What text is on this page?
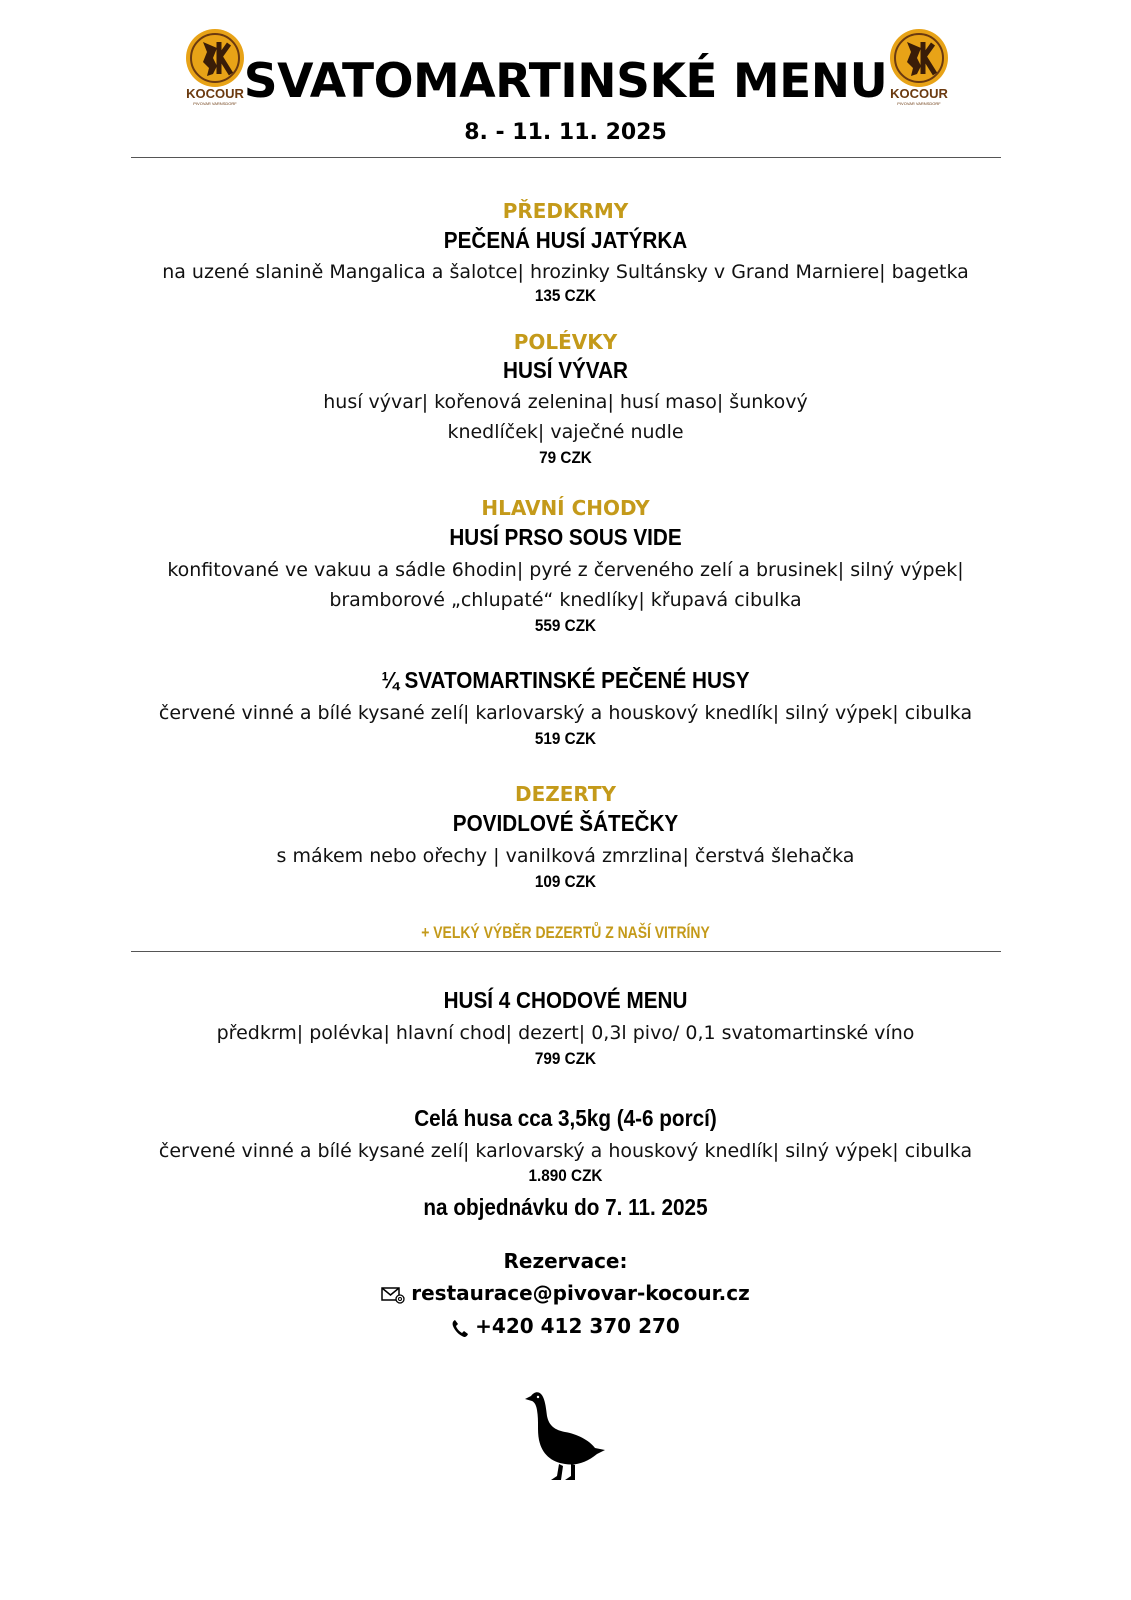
KOCOUR
PIVOVAR VARNSDORF
KOCOUR
PIVOVAR VARNSDORF
SVATOMARTINSKÉ MENU
8. - 11. 11. 2025
PŘEDKRMY
PEČENÁ HUSÍ JATÝRKA
na uzené slanině Mangalica a šalotce| hrozinky Sultánsky v Grand Marniere| bagetka
135 CZK
POLÉVKY
HUSÍ VÝVAR
husí vývar| kořenová zelenina| husí maso| šunkový
knedlíček| vaječné nudle
79 CZK
HLAVNÍ CHODY
HUSÍ PRSO SOUS VIDE
konfitované ve vakuu a sádle 6hodin| pyré z červeného zelí a brusinek| silný výpek|
bramborové „chlupaté“ knedlíky| křupavá cibulka
559 CZK
¼ SVATOMARTINSKÉ PEČENÉ HUSY
červené vinné a bílé kysané zelí| karlovarský a houskový knedlík| silný výpek| cibulka
519 CZK
DEZERTY
POVIDLOVÉ ŠÁTEČKY
s mákem nebo ořechy | vanilková zmrzlina| čerstvá šlehačka
109 CZK
+ VELKÝ VÝBĚR DEZERTŮ Z NAŠÍ VITRÍNY
HUSÍ 4 CHODOVÉ MENU
předkrm| polévka| hlavní chod| dezert| 0,3l pivo/ 0,1 svatomartinské víno
799 CZK
Celá husa cca 3,5kg (4-6 porcí)
červené vinné a bílé kysané zelí| karlovarský a houskový knedlík| silný výpek| cibulka
1.890 CZK
na objednávku do 7. 11. 2025
Rezervace:
restaurace@pivovar-kocour.cz
+420 412 370 270
